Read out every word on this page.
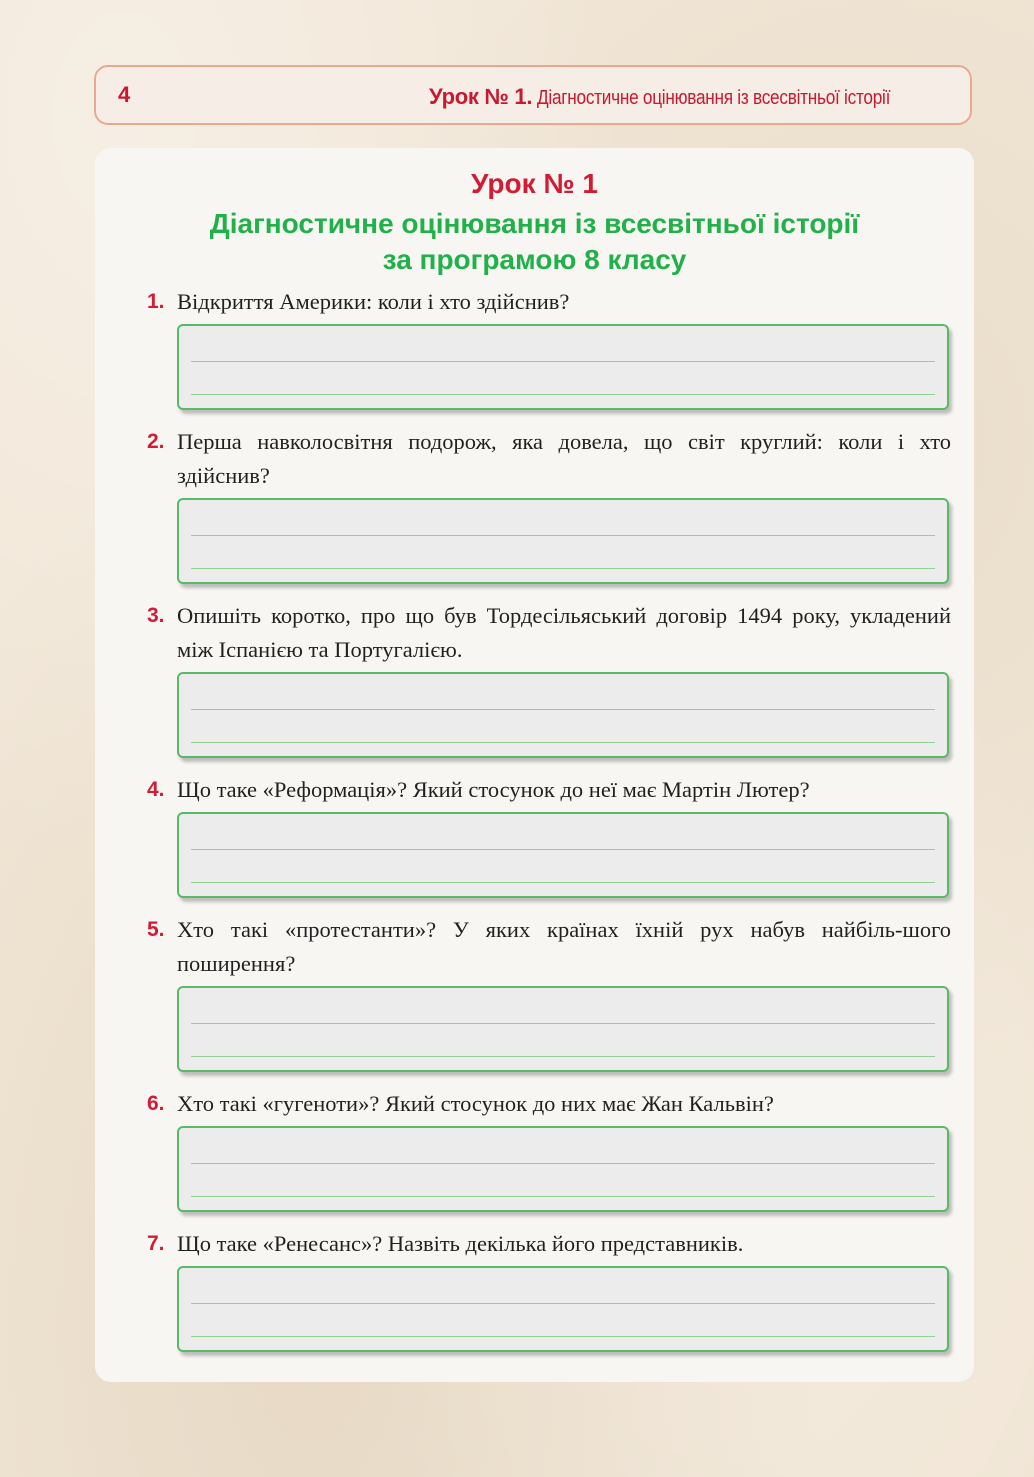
4	Урок № 1. Діагностичне оцінювання із всесвітньої історії
Урок № 1
Діагностичне оцінювання із всесвітньої історії
за програмою 8 класу
1. Відкриття Америки: коли і хто здійснив?
2. Перша навколосвітня подорож, яка довела, що світ круглий: коли і хто здійснив?
3. Опишіть коротко, про що був Тордесільяський договір 1494 року, укладений між Іспанією та Португалією.
4. Що таке «Реформація»? Який стосунок до неї має Мартін Лютер?
5. Хто такі «протестанти»? У яких країнах їхній рух набув найбіль-шого поширення?
6. Хто такі «гугеноти»? Який стосунок до них має Жан Кальвін?
7. Що таке «Ренесанс»? Назвіть декілька його представників.
